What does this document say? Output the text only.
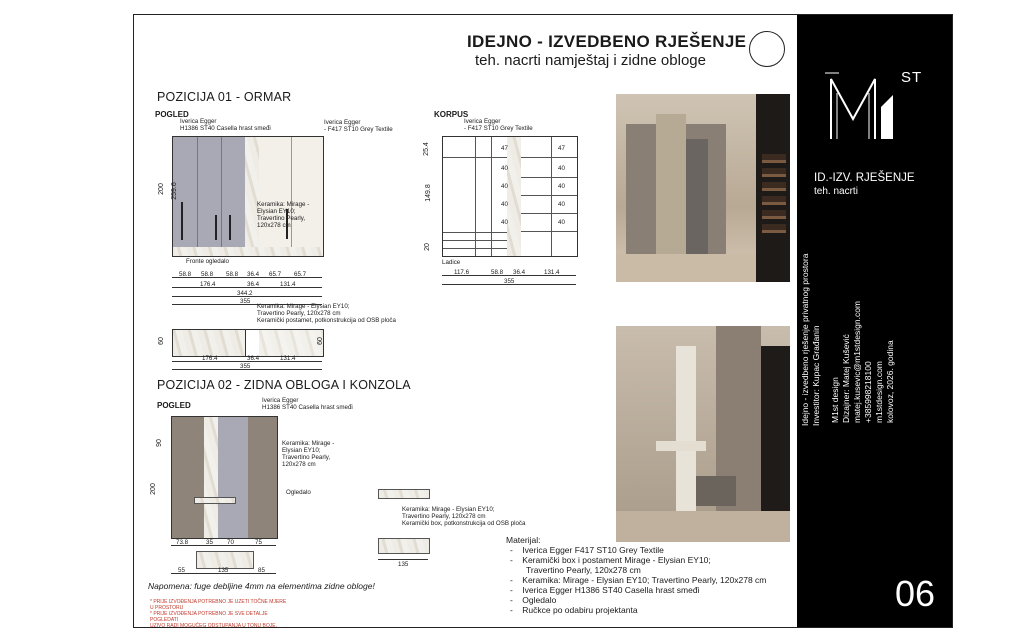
IDEJNO - IZVEDBENO RJEŠENJE
teh. nacrti namještaj i zidne obloge
POZICIJA 01 - ORMAR
POGLED
Iverica Egger
H1386 ST40 Casella hrast smeđi
Iverica Egger
- F417 ST10 Grey Textile
200 259.6
Keramika: Mirage -
Elysian EY10;
Travertino Pearly,
120x278 cm
Fronte ogledalo
58.8 58.8 58.8 36.4 65.7 65.7
176.4	36.4	131.4
344.2
355
Keramika: Mirage - Elysian EY10;
Travertino Pearly, 120x278 cm
Keramički postamet, potkonstrukcija od OSB ploča
60	60
176.4	36.4	131.4
355
KORPUS
Iverica Egger
- F417 ST10 Grey Textile
47
40
40
40
40
47
40
40
40
40
25.4
149.8
20
Ladice
117.6	58.8 36.4	131.4
355
POZICIJA 02 - ZIDNA OBLOGA I KONZOLA
POGLED
Iverica Egger
H1386 ST40 Casella hrast smeđi
90
200
Keramika: Mirage -
Elysian EY10;
Travertino Pearly,
120x278 cm
Ogledalo
73.8	35 70	75
55	135	85
135
Keramika: Mirage - Elysian EY10;
Travertino Pearly, 120x278 cm
Keramički box, potkonstrukcija od OSB ploča
Napomena: fuge debljine 4mm na elementima zidne obloge!
* PRIJE IZVOĐENJA POTREBNO JE UZETI TOČNE MJERE
U PROSTORU
* PRIJE IZVOĐENJA POTREBNO JE SVE DETALJE
POGLEDATI
UZIVO RADI MOGUĆEG ODSTUPANJA U TONU BOJE.
Materijal:
-    Iverica Egger F417 ST10 Grey Textile
-    Keramički box i postament Mirage - Elysian EY10;
Travertino Pearly, 120x278 cm
-    Keramika: Mirage - Elysian EY10; Travertino Pearly, 120x278 cm
-    Iverica Egger H1386 ST40 Casella hrast smeđi
-    Ogledalo
-    Ručkce po odabiru projektanta
ST
ID.-IZV. RJEŠENJE
teh. nacrti
Idejno - izvedbeno rješenje privatnog prostora Investitor: Kupac Građanin M1st design Dizajner: Matej Kušević matej.kusevic@m1stdesign.com +385998218100 m1stdesign.com kolovoz, 2026. godina
06
